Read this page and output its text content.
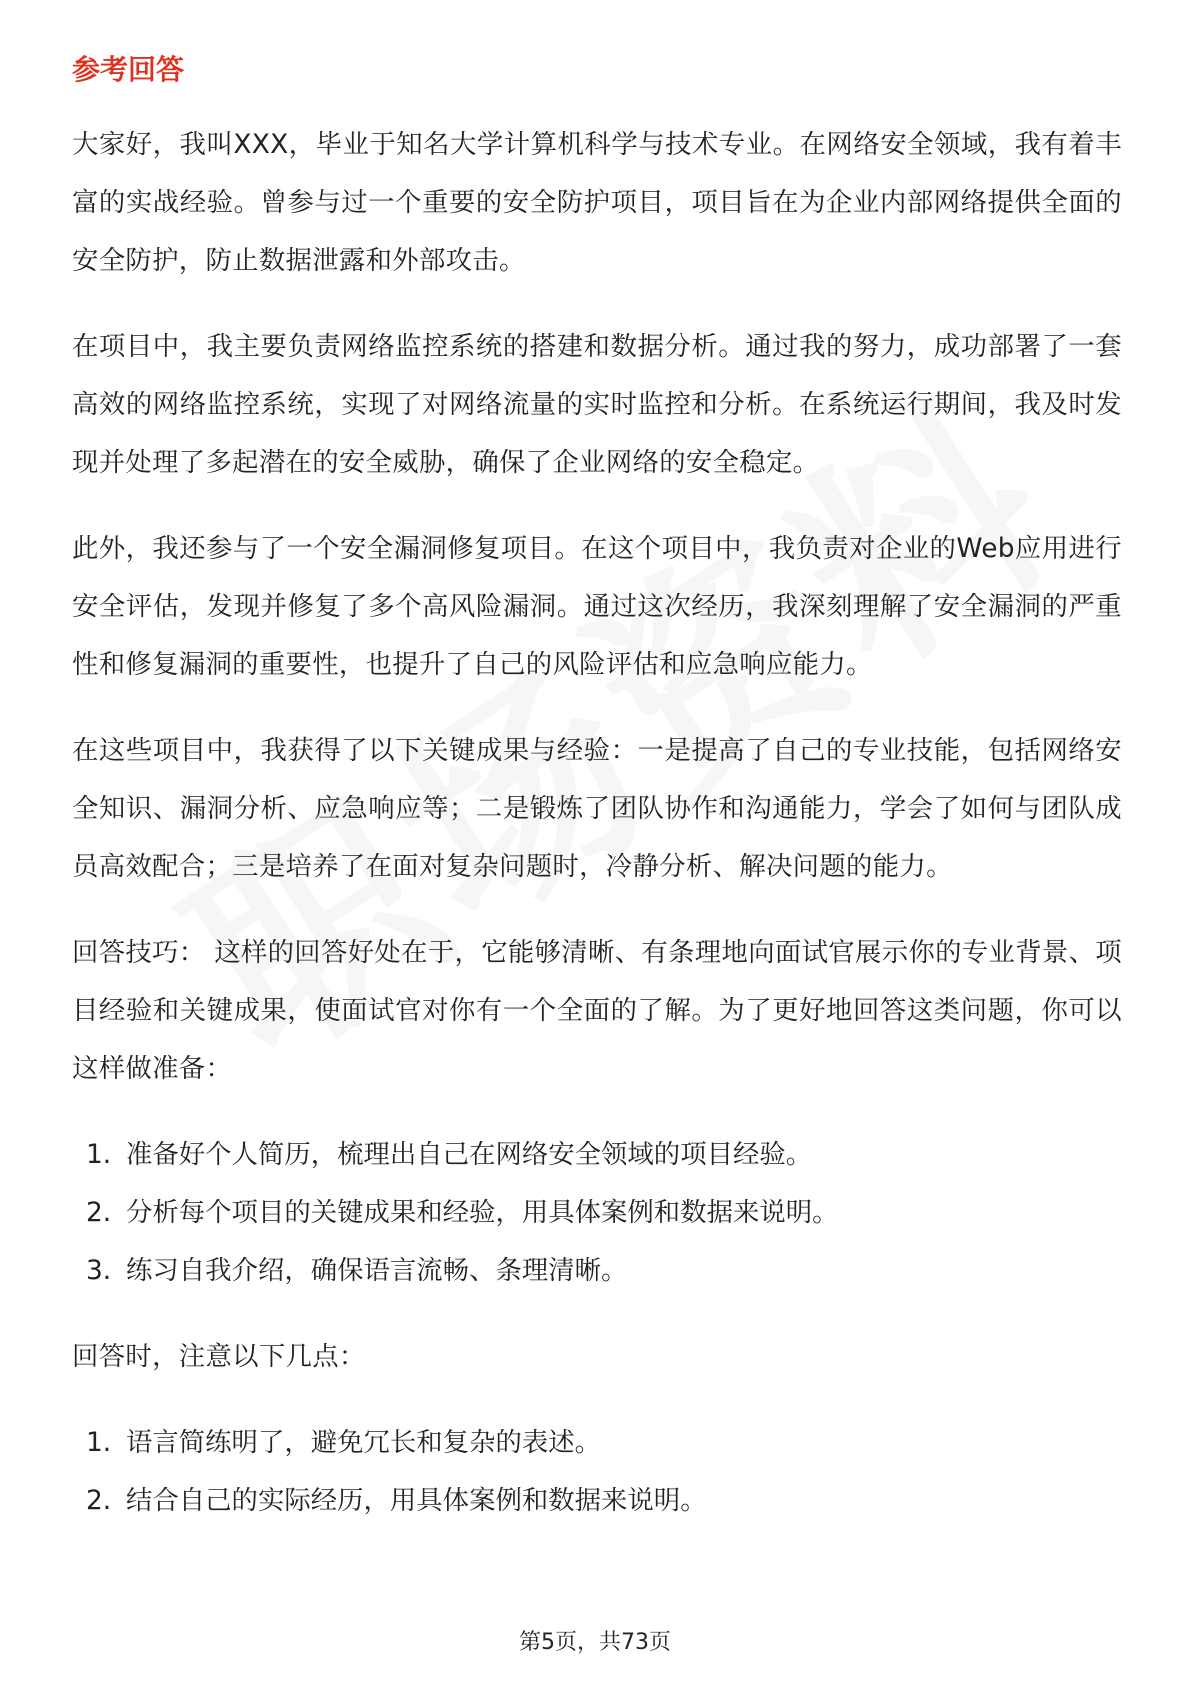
参考回答

大家好，我叫XXX，毕业于知名大学计算机科学与技术专业。在网络安全领域，我有着丰富的实战经验。曾参与过一个重要的安全防护项目，项目旨在为企业内部网络提供全面的安全防护，防止数据泄露和外部攻击。

在项目中，我主要负责网络监控系统的搭建和数据分析。通过我的努力，成功部署了一套高效的网络监控系统，实现了对网络流量的实时监控和分析。在系统运行期间，我及时发现并处理了多起潜在的安全威胁，确保了企业网络的安全稳定。

此外，我还参与了一个安全漏洞修复项目。在这个项目中，我负责对企业的Web应用进行安全评估，发现并修复了多个高风险漏洞。通过这次经历，我深刻理解了安全漏洞的严重性和修复漏洞的重要性，也提升了自己的风险评估和应急响应能力。

在这些项目中，我获得了以下关键成果与经验：一是提高了自己的专业技能，包括网络安全知识、漏洞分析、应急响应等；二是锻炼了团队协作和沟通能力，学会了如何与团队成员高效配合；三是培养了在面对复杂问题时，冷静分析、解决问题的能力。

回答技巧： 这样的回答好处在于，它能够清晰、有条理地向面试官展示你的专业背景、项目经验和关键成果，使面试官对你有一个全面的了解。为了更好地回答这类问题，你可以这样做准备：

1. 准备好个人简历，梳理出自己在网络安全领域的项目经验。
2. 分析每个项目的关键成果和经验，用具体案例和数据来说明。
3. 练习自我介绍，确保语言流畅、条理清晰。

回答时，注意以下几点：

1. 语言简练明了，避免冗长和复杂的表述。
2. 结合自己的实际经历，用具体案例和数据来说明。
第5页，共73页
